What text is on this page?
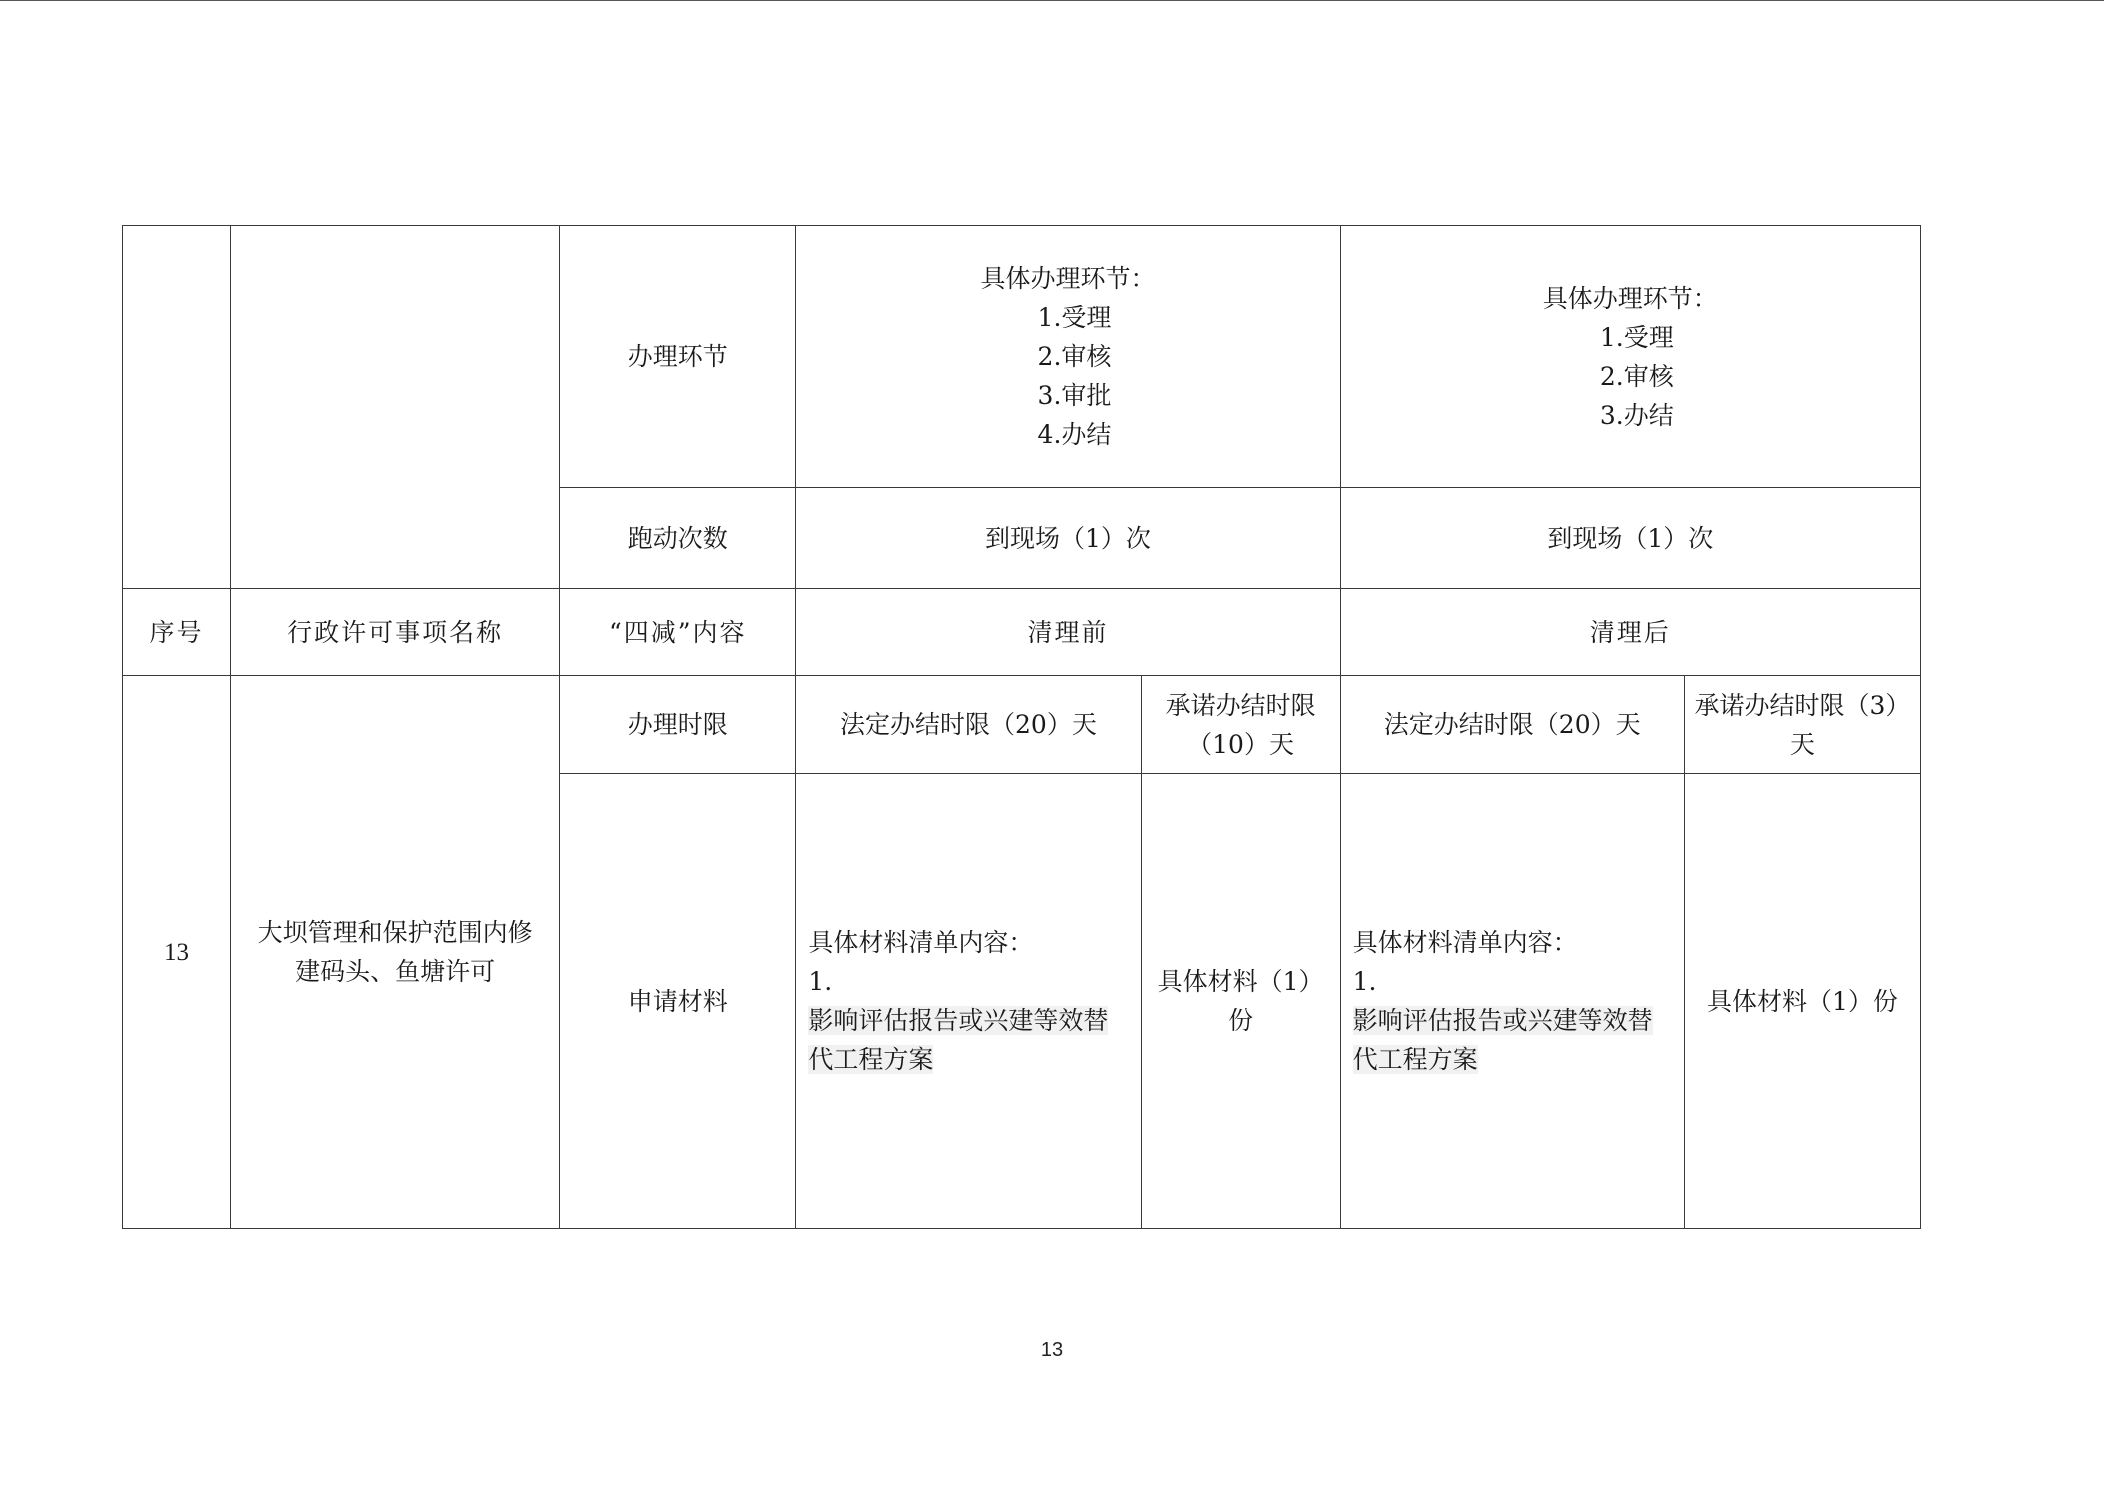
		办理环节	具体办理环节：
1.受理
2.审核
3.审批
4.办结		具体办理环节：
1.受理
2.审核
3.办结	

		跑动次数	到现场（1）次		到现场（1）次	
序号	行政许可事项名称	“四减”内容	清理前		清理后	
13	大坝管理和保护范围内修建码头、鱼塘许可	办理时限	法定办结时限（20）天	承诺办结时限（10）天	法定办结时限（20）天	承诺办结时限（3）天
		申请材料	具体材料清单内容：
1.
影响评估报告或兴建等效替代工程方案	具体材料（1）份	具体材料清单内容：
1.
影响评估报告或兴建等效替代工程方案	具体材料（1）份
13
